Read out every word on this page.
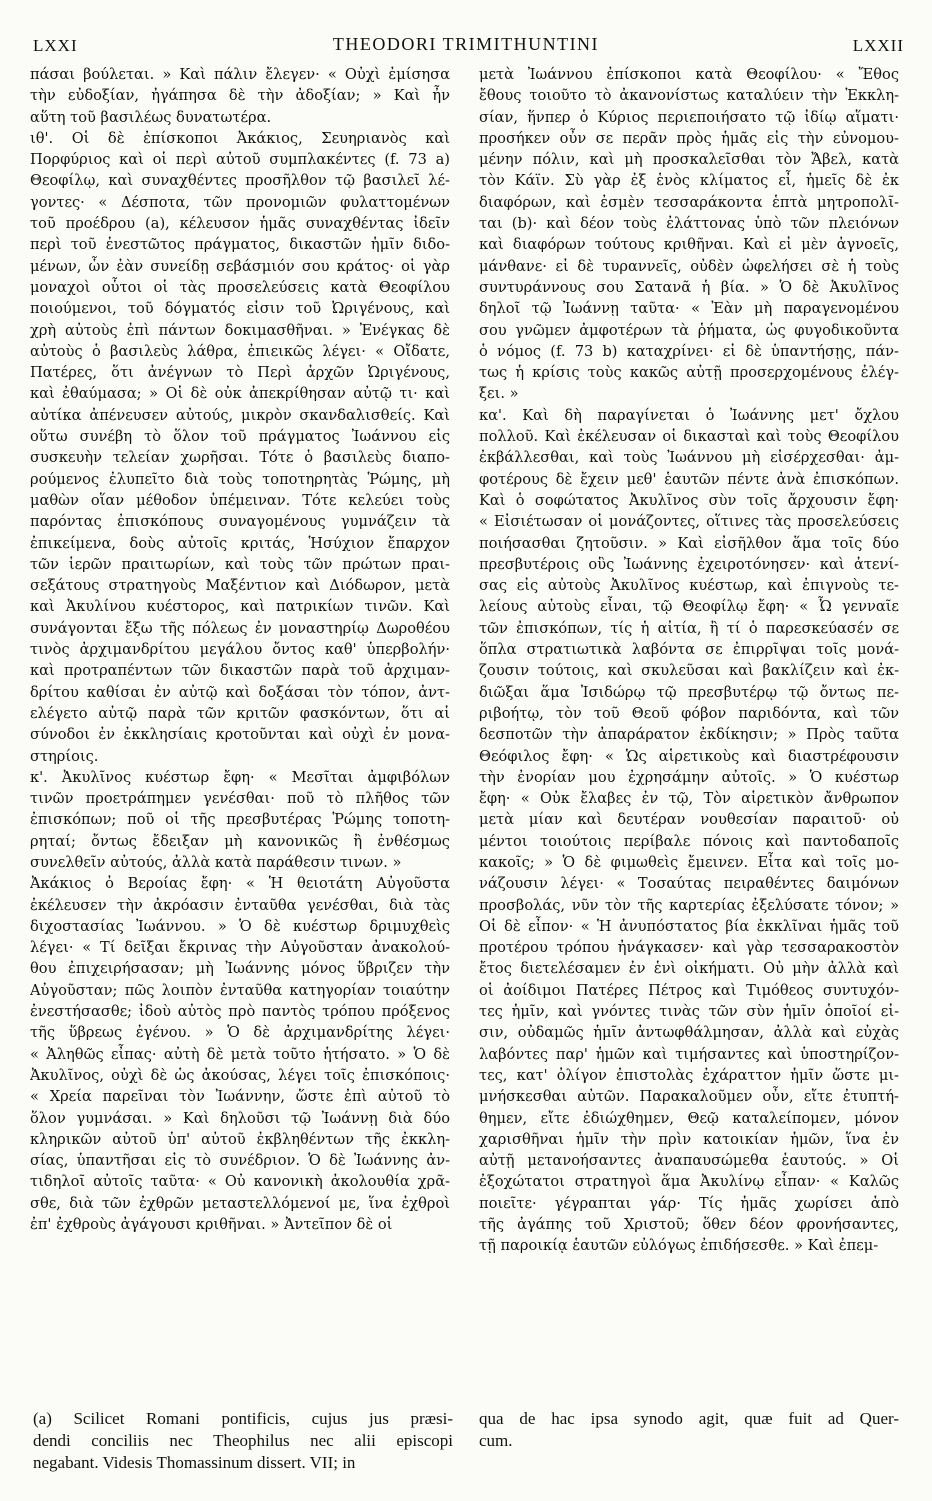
LXXI	THEODORI TRIMITHUNTINI	LXXII
πάσαι βούλεται. » Καὶ πάλιν ἔλεγεν· « Οὐχὶ ἐμίσησα
τὴν εὐδοξίαν, ἠγάπησα δὲ τὴν ἀδοξίαν; » Καὶ ἦν
αὕτη τοῦ βασιλέως δυνατωτέρα.
ιθ'. Οἱ δὲ ἐπίσκοποι Ἀκάκιος, Σευηριανὸς καὶ
Πορφύριος καὶ οἱ περὶ αὐτοῦ συμπλακέντες (f. 73 a)
Θεοφίλῳ, καὶ συναχθέντες προσῆλθον τῷ βασιλεῖ λέ-
γοντες· « Δέσποτα, τῶν προνομιῶν φυλαττομένων
τοῦ προέδρου (a), κέλευσον ἡμᾶς συναχθέντας ἰδεῖν
περὶ τοῦ ἐνεστῶτος πράγματος, δικαστῶν ἡμῖν διδο-
μένων, ὧν ἐὰν συνείδῃ σεβάσμιόν σου κράτος· οἱ γὰρ
μοναχοὶ οὗτοι οἱ τὰς προσελεύσεις κατὰ Θεοφίλου
ποιούμενοι, τοῦ δόγματός εἰσιν τοῦ Ὠριγένους, καὶ
χρὴ αὐτοὺς ἐπὶ πάντων δοκιμασθῆναι. » Ἐνέγκας δὲ
αὐτοὺς ὁ βασιλεὺς λάθρα, ἐπιεικῶς λέγει· « Οἴδατε,
Πατέρες, ὅτι ἀνέγνων τὸ Περὶ ἀρχῶν Ὠριγένους,
καὶ ἐθαύμασα; » Οἱ δὲ οὐκ ἀπεκρίθησαν αὐτῷ τι· καὶ
αὐτίκα ἀπένευσεν αὐτούς, μικρὸν σκανδαλισθείς. Καὶ
οὕτω συνέβη τὸ ὅλον τοῦ πράγματος Ἰωάννου εἰς
συσκευὴν τελείαν χωρῆσαι. Τότε ὁ βασιλεὺς διαπο-
ρούμενος ἐλυπεῖτο διὰ τοὺς τοποτηρητὰς Ῥώμης, μὴ
μαθὼν οἵαν μέθοδον ὑπέμειναν. Τότε κελεύει τοὺς
παρόντας ἐπισκόπους συναγομένους γυμνάζειν τὰ
ἐπικείμενα, δοὺς αὐτοῖς κριτάς, Ἡσύχιον ἔπαρχον
τῶν ἱερῶν πραιτωρίων, καὶ τοὺς τῶν πρώτων πραι-
σεξάτους στρατηγοὺς Μαξέντιον καὶ Διόδωρον, μετὰ
καὶ Ἀκυλίνου κυέστορος, καὶ πατρικίων τινῶν. Καὶ
συνάγονται ἔξω τῆς πόλεως ἐν μοναστηρίῳ Δωροθέου
τινὸς ἀρχιμανδρίτου μεγάλου ὄντος καθ' ὑπερβολήν·
καὶ προτραπέντων τῶν δικαστῶν παρὰ τοῦ ἀρχιμαν-
δρίτου καθίσαι ἐν αὐτῷ καὶ δοξάσαι τὸν τόπον, ἀντ-
ελέγετο αὐτῷ παρὰ τῶν κριτῶν φασκόντων, ὅτι αἱ
σύνοδοι ἐν ἐκκλησίαις κροτοῦνται καὶ οὐχὶ ἐν μονα-
στηρίοις.
κ'. Ἀκυλῖνος κυέστωρ ἔφη· « Μεσῖται ἀμφιβόλων
τινῶν προετράπημεν γενέσθαι· ποῦ τὸ πλῆθος τῶν
ἐπισκόπων; ποῦ οἱ τῆς πρεσβυτέρας Ῥώμης τοποτη-
ρηταί; ὄντως ἔδειξαν μὴ κανονικῶς ἢ ἐνθέσμως
συνελθεῖν αὐτούς, ἀλλὰ κατὰ παράθεσιν τινων. »
Ἀκάκιος ὁ Βεροίας ἔφη· « Ἡ θειοτάτη Αὐγοῦστα
ἐκέλευσεν τὴν ἀκρόασιν ἐνταῦθα γενέσθαι, διὰ τὰς
διχοστασίας Ἰωάννου. » Ὁ δὲ κυέστωρ δριμυχθεὶς
λέγει· « Τί δεῖξαι ἔκρινας τὴν Αὐγοῦσταν ἀνακολού-
θου ἐπιχειρήσασαν; μὴ Ἰωάννης μόνος ὕβριζεν τὴν
Αὐγοῦσταν; πῶς λοιπὸν ἐνταῦθα κατηγορίαν τοιαύτην
ἐνεστήσασθε; ἰδοὺ αὐτὸς πρὸ παντὸς τρόπου πρόξενος
τῆς ὕβρεως ἐγένου. » Ὁ δὲ ἀρχιμανδρίτης λέγει·
« Ἀληθῶς εἶπας· αὐτὴ δὲ μετὰ τοῦτο ἡτήσατο. » Ὁ δὲ
Ἀκυλῖνος, οὐχὶ δὲ ὡς ἀκούσας, λέγει τοῖς ἐπισκόποις·
« Χρεία παρεῖναι τὸν Ἰωάννην, ὥστε ἐπὶ αὐτοῦ τὸ
ὅλον γυμνάσαι. » Καὶ δηλοῦσι τῷ Ἰωάννῃ διὰ δύο
κληρικῶν αὐτοῦ ὑπ' αὐτοῦ ἐκβληθέντων τῆς ἐκκλη-
σίας, ὑπαντῆσαι εἰς τὸ συνέδριον. Ὁ δὲ Ἰωάννης ἀν-
τιδηλοῖ αὐτοῖς ταῦτα· « Οὐ κανονικὴ ἀκολουθία χρᾶ-
σθε, διὰ τῶν ἐχθρῶν μεταστελλόμενοί με, ἵνα ἐχθροὶ
ἐπ' ἐχθροὺς ἀγάγουσι κριθῆναι. » Ἀντεῖπον δὲ οἱ
μετὰ Ἰωάννου ἐπίσκοποι κατὰ Θεοφίλου· « Ἔθος
ἔθους τοιοῦτο τὸ ἀκανονίστως καταλύειν τὴν Ἐκκλη-
σίαν, ἥνπερ ὁ Κύριος περιεποιήσατο τῷ ἰδίῳ αἵματι·
προσήκεν οὖν σε περᾶν πρὸς ἡμᾶς εἰς τὴν εὐνομου-
μένην πόλιν, καὶ μὴ προσκαλεῖσθαι τὸν Ἄβελ, κατὰ
τὸν Κάϊν. Σὺ γὰρ ἐξ ἑνὸς κλίματος εἶ, ἡμεῖς δὲ ἐκ
διαφόρων, καὶ ἐσμὲν τεσσαράκοντα ἑπτὰ μητροπολῖ-
ται (b)· καὶ δέον τοὺς ἐλάττονας ὑπὸ τῶν πλειόνων
καὶ διαφόρων τούτους κριθῆναι. Καὶ εἰ μὲν ἀγνοεῖς,
μάνθανε· εἰ δὲ τυραννεῖς, οὐδὲν ὠφελήσει σὲ ἡ τοὺς
συντυράννους σου Σατανᾶ ἡ βία. » Ὁ δὲ Ἀκυλῖνος
δηλοῖ τῷ Ἰωάννῃ ταῦτα· « Ἐὰν μὴ παραγενομένου
σου γνῶμεν ἀμφοτέρων τὰ ῥήματα, ὡς φυγοδικοῦντα
ὁ νόμος (f. 73 b) καταχρίνει· εἰ δὲ ὑπαντήσῃς, πάν-
τως ἡ κρίσις τοὺς κακῶς αὐτῇ προσερχομένους ἐλέγ-
ξει. »
κα'. Καὶ δὴ παραγίνεται ὁ Ἰωάννης μετ' ὄχλου
πολλοῦ. Καὶ ἐκέλευσαν οἱ δικασταὶ καὶ τοὺς Θεοφίλου
ἐκβάλλεσθαι, καὶ τοὺς Ἰωάννου μὴ εἰσέρχεσθαι· ἀμ-
φοτέρους δὲ ἔχειν μεθ' ἑαυτῶν πέντε ἀνὰ ἐπισκόπων.
Καὶ ὁ σοφώτατος Ἀκυλῖνος σὺν τοῖς ἄρχουσιν ἔφη·
« Εἰσιέτωσαν οἱ μονάζοντες, οἵτινες τὰς προσελεύσεις
ποιήσασθαι ζητοῦσιν. » Καὶ εἰσῆλθον ἅμα τοῖς δύο
πρεσβυτέροις οὓς Ἰωάννης ἐχειροτόνησεν· καὶ ἀτενί-
σας εἰς αὐτοὺς Ἀκυλῖνος κυέστωρ, καὶ ἐπιγνοὺς τε-
λείους αὐτοὺς εἶναι, τῷ Θεοφίλῳ ἔφη· « Ὦ γενναῖε
τῶν ἐπισκόπων, τίς ἡ αἰτία, ἢ τί ὁ παρεσκεύασέν σε
ὅπλα στρατιωτικὰ λαβόντα σε ἐπιρρῖψαι τοῖς μονά-
ζουσιν τούτοις, καὶ σκυλεῦσαι καὶ βακλίζειν καὶ ἐκ-
διῶξαι ἅμα Ἰσιδώρῳ τῷ πρεσβυτέρῳ τῷ ὄντως πε-
ριβοήτῳ, τὸν τοῦ Θεοῦ φόβον παριδόντα, καὶ τῶν
δεσποτῶν τὴν ἀπαράρατον ἐκδίκησιν; » Πρὸς ταῦτα
Θεόφιλος ἔφη· « Ὡς αἱρετικοὺς καὶ διαστρέφουσιν
τὴν ἐνορίαν μου ἐχρησάμην αὐτοῖς. » Ὁ κυέστωρ
ἔφη· « Οὐκ ἔλαβες ἐν τῷ, Τὸν αἱρετικὸν ἄνθρωπον
μετὰ μίαν καὶ δευτέραν νουθεσίαν παραιτοῦ· οὐ
μέντοι τοιούτοις περίβαλε πόνοις καὶ παντοδαποῖς
κακοῖς; » Ὁ δὲ φιμωθεὶς ἔμεινεν. Εἶτα καὶ τοῖς μο-
νάζουσιν λέγει· « Τοσαύτας πειραθέντες δαιμόνων
προσβολάς, νῦν τὸν τῆς καρτερίας ἐξελύσατε τόνον; »
Οἱ δὲ εἶπον· « Ἡ ἀνυπόστατος βία ἐκκλῖναι ἡμᾶς τοῦ
προτέρου τρόπου ἠνάγκασεν· καὶ γὰρ τεσσαρακοστὸν
ἔτος διετελέσαμεν ἐν ἑνὶ οἰκήματι. Οὐ μὴν ἀλλὰ καὶ
οἱ ἀοίδιμοι Πατέρες Πέτρος καὶ Τιμόθεος συντυχόν-
τες ἡμῖν, καὶ γνόντες τινὰς τῶν σὺν ἡμῖν ὁποῖοί εἰ-
σιν, οὐδαμῶς ἡμῖν ἀντωφθάλμησαν, ἀλλὰ καὶ εὐχὰς
λαβόντες παρ' ἡμῶν καὶ τιμήσαντες καὶ ὑποστηρίζον-
τες, κατ' ὀλίγον ἐπιστολὰς ἐχάραττον ἡμῖν ὥστε μι-
μνήσκεσθαι αὐτῶν. Παρακαλοῦμεν οὖν, εἴτε ἐτυπτή-
θημεν, εἴτε ἐδιώχθημεν, Θεῷ καταλείπομεν, μόνον
χαρισθῆναι ἡμῖν τὴν πρὶν κατοικίαν ἡμῶν, ἵνα ἐν
αὐτῇ μετανοήσαντες ἀναπαυσώμεθα ἑαυτούς. » Οἱ
ἐξοχώτατοι στρατηγοὶ ἅμα Ἀκυλίνῳ εἶπαν· « Καλῶς
ποιεῖτε· γέγραπται γάρ· Τίς ἡμᾶς χωρίσει ἀπὸ
τῆς ἀγάπης τοῦ Χριστοῦ; ὅθεν δέον φρονήσαντες,
τῇ παροικίᾳ ἑαυτῶν εὐλόγως ἐπιδήσεσθε. » Καὶ ἐπεμ-
(a) Scilicet Romani pontificis, cujus jus præsi-
dendi conciliis nec Theophilus nec alii episcopi
negabant. Videsis Thomassinum dissert. VII; in
qua de hac ipsa synodo agit, quæ fuit ad Quer-
cum.
